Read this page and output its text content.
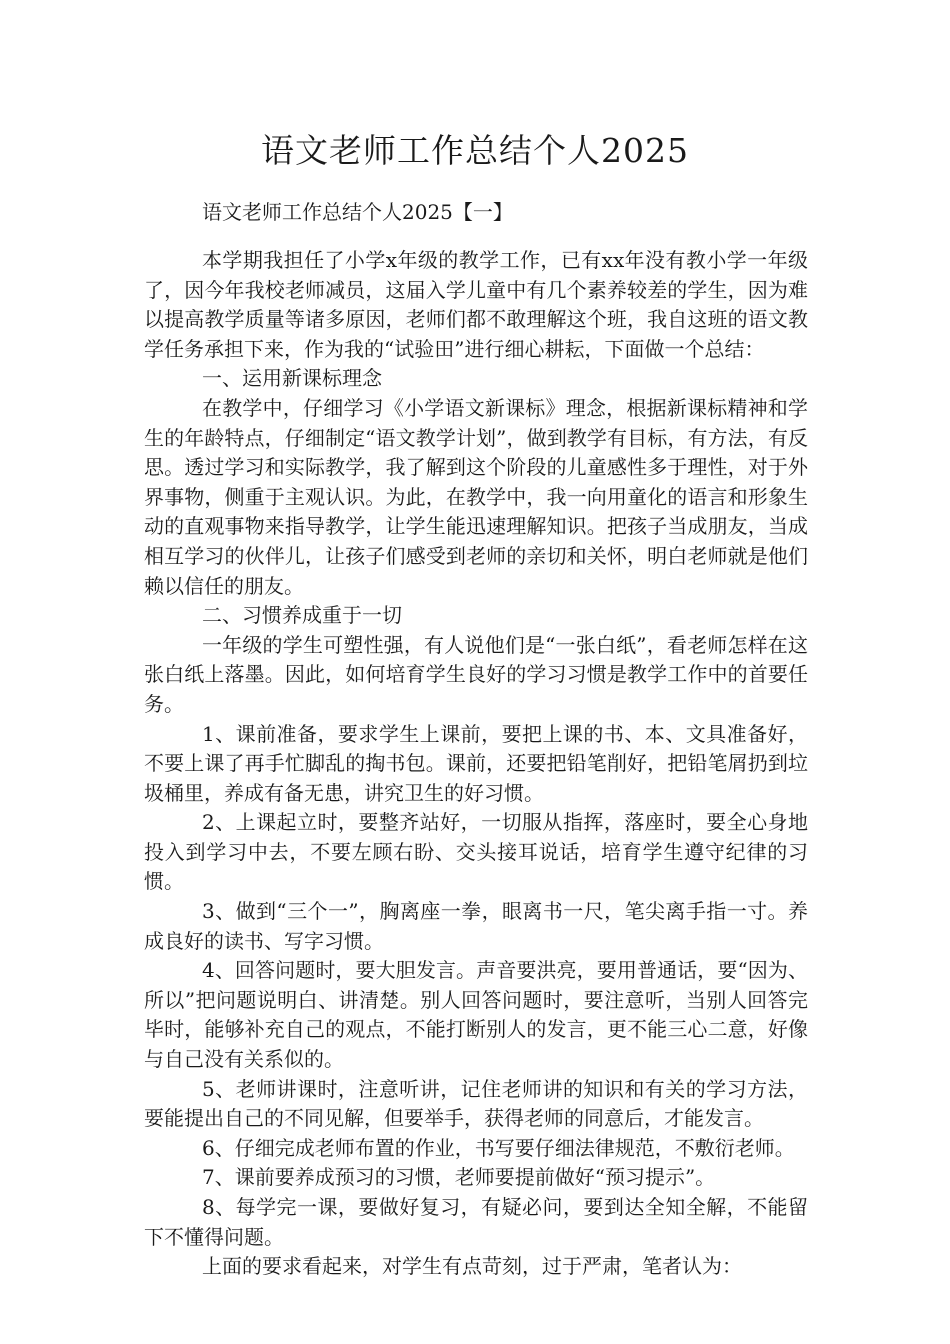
语文老师工作总结个人2025
语文老师工作总结个人2025【一】

本学期我担任了小学x年级的教学工作，已有xx年没有教小学一年级了，因今年我校老师减员，这届入学儿童中有几个素养较差的学生，因为难以提高教学质量等诸多原因，老师们都不敢理解这个班，我自这班的语文教学任务承担下来，作为我的“试验田”进行细心耕耘，下面做一个总结：

一、运用新课标理念

在教学中，仔细学习《小学语文新课标》理念，根据新课标精神和学生的年龄特点，仔细制定“语文教学计划”，做到教学有目标，有方法，有反思。透过学习和实际教学，我了解到这个阶段的儿童感性多于理性，对于外界事物，侧重于主观认识。为此，在教学中，我一向用童化的语言和形象生动的直观事物来指导教学，让学生能迅速理解知识。把孩子当成朋友，当成相互学习的伙伴儿，让孩子们感受到老师的亲切和关怀，明白老师就是他们赖以信任的朋友。

二、习惯养成重于一切

一年级的学生可塑性强，有人说他们是“一张白纸”，看老师怎样在这张白纸上落墨。因此，如何培育学生良好的学习习惯是教学工作中的首要任务。

1、课前准备，要求学生上课前，要把上课的书、本、文具准备好，不要上课了再手忙脚乱的掏书包。课前，还要把铅笔削好，把铅笔屑扔到垃圾桶里，养成有备无患，讲究卫生的好习惯。

2、上课起立时，要整齐站好，一切服从指挥，落座时，要全心身地投入到学习中去，不要左顾右盼、交头接耳说话，培育学生遵守纪律的习惯。

3、做到“三个一”，胸离座一拳，眼离书一尺，笔尖离手指一寸。养成良好的读书、写字习惯。

4、回答问题时，要大胆发言。声音要洪亮，要用普通话，要“因为、所以”把问题说明白、讲清楚。别人回答问题时，要注意听，当别人回答完毕时，能够补充自己的观点，不能打断别人的发言，更不能三心二意，好像与自己没有关系似的。

5、老师讲课时，注意听讲，记住老师讲的知识和有关的学习方法，要能提出自己的不同见解，但要举手，获得老师的同意后，才能发言。

6、仔细完成老师布置的作业，书写要仔细法律规范，不敷衍老师。

7、课前要养成预习的习惯，老师要提前做好“预习提示”。

8、每学完一课，要做好复习，有疑必问，要到达全知全解，不能留下不懂得问题。

上面的要求看起来，对学生有点苛刻，过于严肃，笔者认为：
